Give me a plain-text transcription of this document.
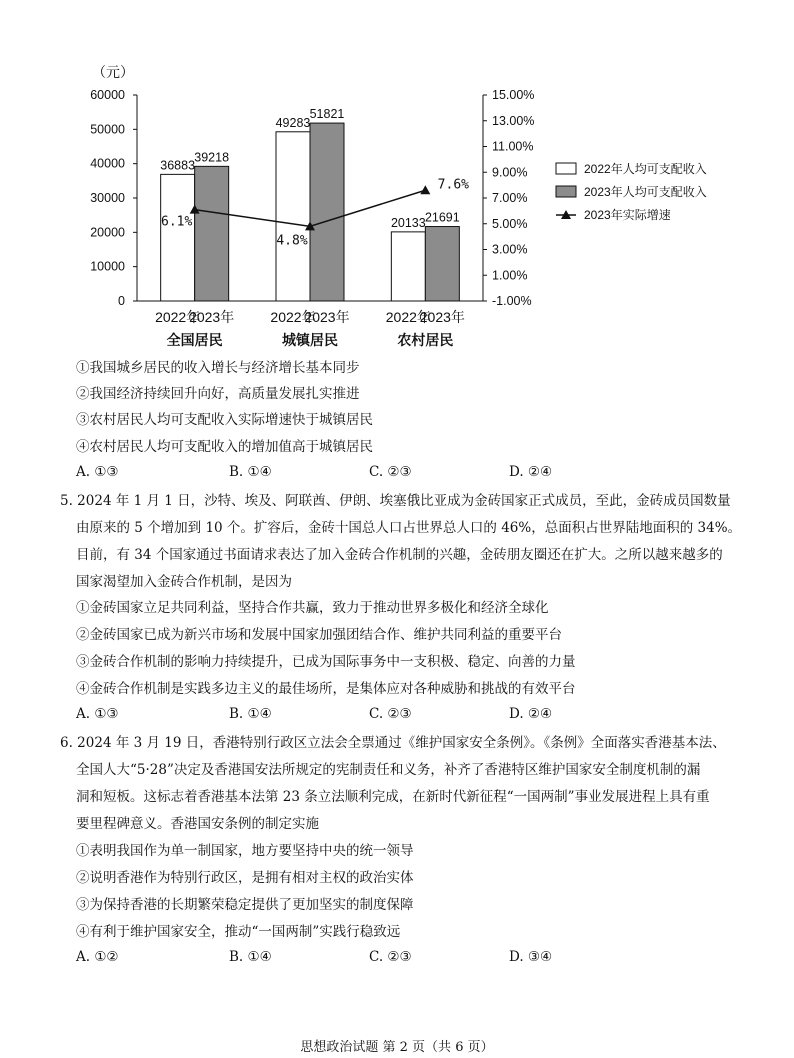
（元）
0
10000
20000
30000
40000
50000
60000
-1.00%
1.00%
3.00%
5.00%
7.00%
9.00%
11.00%
13.00%
15.00%
36883
2022年
39218
2023年
全国居民
49283
2022年
51821
2023年
城镇居民
20133
2022年
21691
2023年
农村居民
6.1%
4.8%
7.6%
2022年人均可支配收入
2023年人均可支配收入
2023年实际增速
①我国城乡居民的收入增长与经济增长基本同步
②我国经济持续回升向好，高质量发展扎实推进
③农村居民人均可支配收入实际增速快于城镇居民
④农村居民人均可支配收入的增加值高于城镇居民
A. ①③	B. ①④	C. ②③	D. ②④
5. 2024 年 1 月 1 日，沙特、埃及、阿联酋、伊朗、埃塞俄比亚成为金砖国家正式成员，至此，金砖成员国数量
由原来的 5 个增加到 10 个。扩容后，金砖十国总人口占世界总人口的 46%，总面积占世界陆地面积的 34%。
目前，有 34 个国家通过书面请求表达了加入金砖合作机制的兴趣，金砖朋友圈还在扩大。之所以越来越多的
国家渴望加入金砖合作机制，是因为
①金砖国家立足共同利益，坚持合作共赢，致力于推动世界多极化和经济全球化
②金砖国家已成为新兴市场和发展中国家加强团结合作、维护共同利益的重要平台
③金砖合作机制的影响力持续提升，已成为国际事务中一支积极、稳定、向善的力量
④金砖合作机制是实践多边主义的最佳场所，是集体应对各种威胁和挑战的有效平台
A. ①③	B. ①④	C. ②③	D. ②④
6. 2024 年 3 月 19 日，香港特别行政区立法会全票通过《维护国家安全条例》。《条例》全面落实香港基本法、
全国人大“5·28”决定及香港国安法所规定的宪制责任和义务，补齐了香港特区维护国家安全制度机制的漏
洞和短板。这标志着香港基本法第 23 条立法顺利完成，在新时代新征程“一国两制”事业发展进程上具有重
要里程碑意义。香港国安条例的制定实施
①表明我国作为单一制国家，地方要坚持中央的统一领导
②说明香港作为特别行政区，是拥有相对主权的政治实体
③为保持香港的长期繁荣稳定提供了更加坚实的制度保障
④有利于维护国家安全，推动“一国两制”实践行稳致远
A. ①②	B. ①④	C. ②③	D. ③④
思想政治试题 第 2 页（共 6 页）
